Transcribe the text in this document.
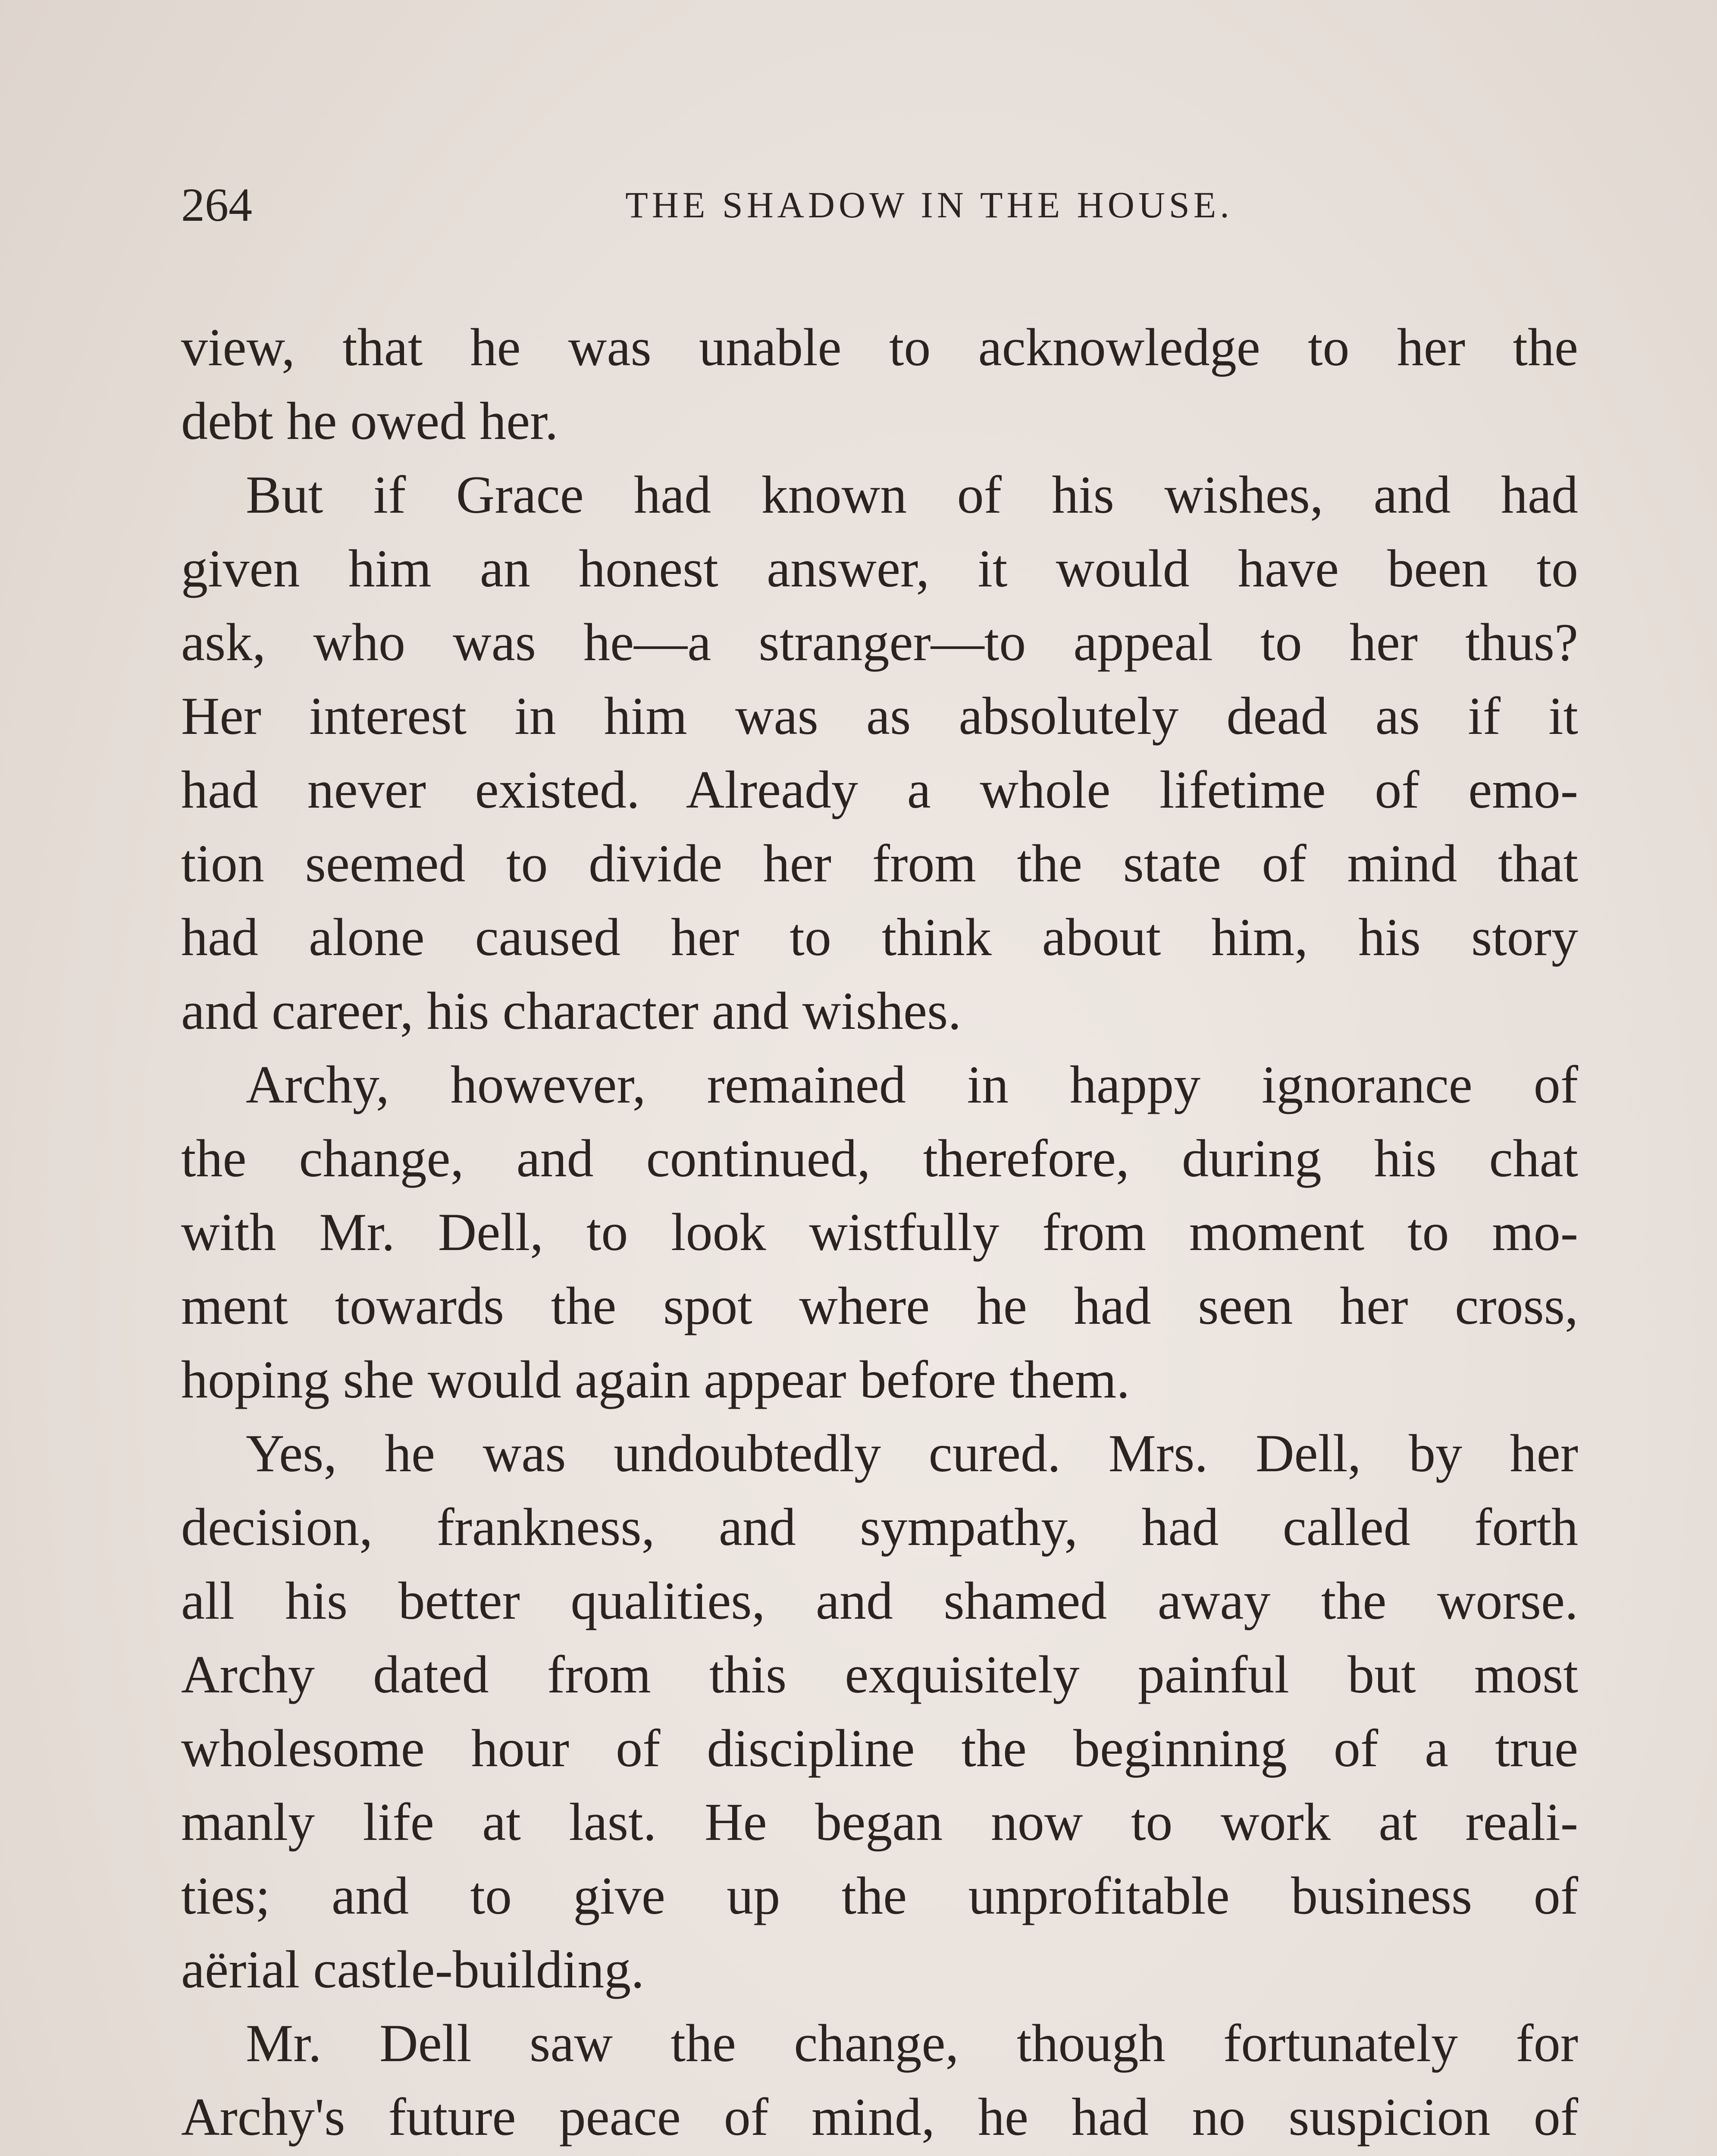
264	THE SHADOW IN THE HOUSE.
view, that he was unable to acknowledge to her the
debt he owed her.
But if Grace had known of his wishes, and had
given him an honest answer, it would have been to
ask, who was he—a stranger—to appeal to her thus?
Her interest in him was as absolutely dead as if it
had never existed. Already a whole lifetime of emo-
tion seemed to divide her from the state of mind that
had alone caused her to think about him, his story
and career, his character and wishes.
Archy, however, remained in happy ignorance of
the change, and continued, therefore, during his chat
with Mr. Dell, to look wistfully from moment to mo-
ment towards the spot where he had seen her cross,
hoping she would again appear before them.
Yes, he was undoubtedly cured. Mrs. Dell, by her
decision, frankness, and sympathy, had called forth
all his better qualities, and shamed away the worse.
Archy dated from this exquisitely painful but most
wholesome hour of discipline the beginning of a true
manly life at last. He began now to work at reali-
ties; and to give up the unprofitable business of
aërial castle-building.
Mr. Dell saw the change, though fortunately for
Archy's future peace of mind, he had no suspicion of
